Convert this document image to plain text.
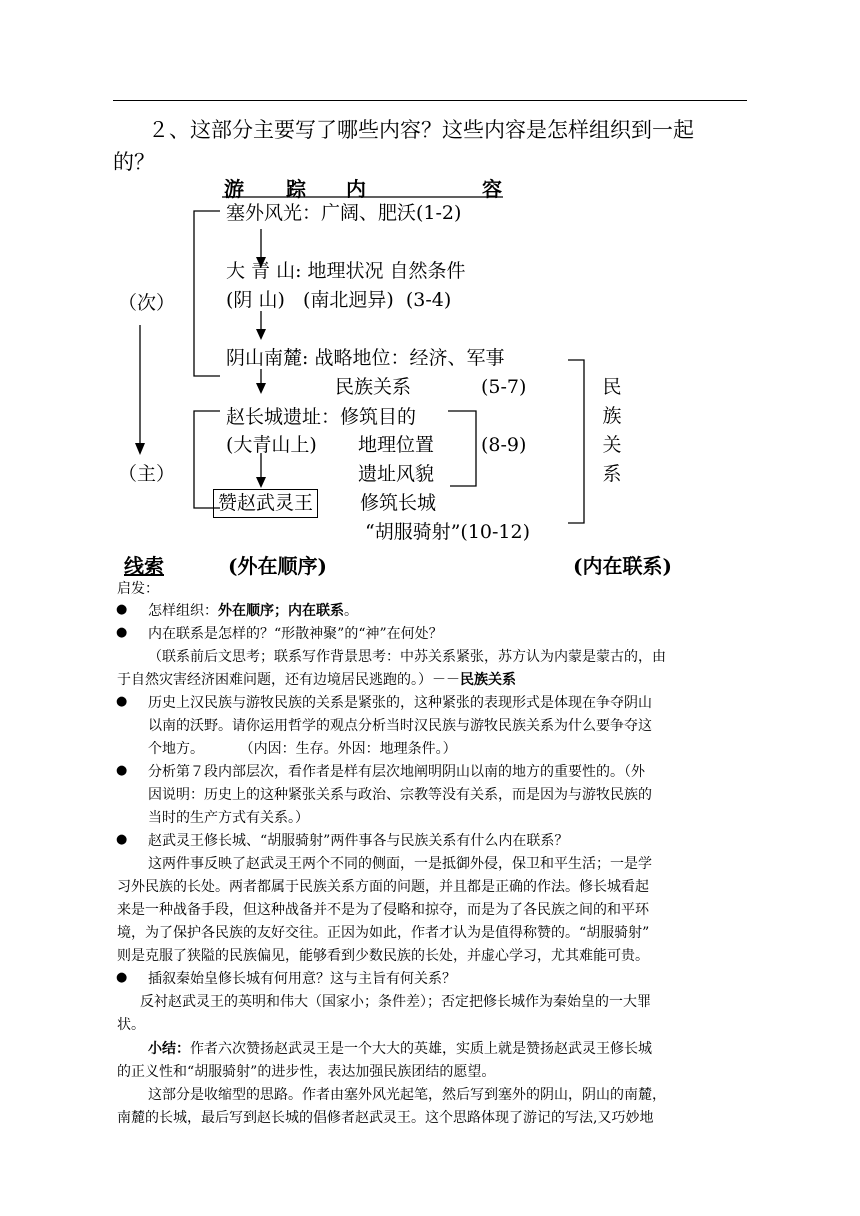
２、这部分主要写了哪些内容？这些内容是怎样组织到一起
的？
游 踪 内	容
（次）
（主）
塞外风光：广阔、肥沃(1-2)
大 青 山: 地理状况 自然条件
(阴 山)   (南北迥异)  (3-4)
阴山南麓: 战略地位：经济、军事
民族关系	(5-7)
赵长城遗址：修筑目的
(大青山上) 地理位置 (8-9)
遗址风貌
赞赵武灵王 修筑长城
“胡服骑射”(10-12)
民族关系
线索	(外在顺序)	(内在联系)
启发：
● 怎样组织：外在顺序；内在联系。
● 内在联系是怎样的？“形散神聚”的“神”在何处？
（联系前后文思考；联系写作背景思考：中苏关系紧张，苏方认为内蒙是蒙古的，由
于自然灾害经济困难问题，还有边境居民逃跑的。）－－民族关系
● 历史上汉民族与游牧民族的关系是紧张的，这种紧张的表现形式是体现在争夺阴山
以南的沃野。请你运用哲学的观点分析当时汉民族与游牧民族关系为什么要争夺这
个地方。        （内因：生存。外因：地理条件。）
● 分析第７段内部层次，看作者是样有层次地阐明阴山以南的地方的重要性的。（外
因说明：历史上的这种紧张关系与政治、宗教等没有关系，而是因为与游牧民族的
当时的生产方式有关系。）
● 赵武灵王修长城、“胡服骑射”两件事各与民族关系有什么内在联系？
这两件事反映了赵武灵王两个不同的侧面，一是抵御外侵，保卫和平生活；一是学
习外民族的长处。两者都属于民族关系方面的问题，并且都是正确的作法。修长城看起
来是一种战备手段，但这种战备并不是为了侵略和掠夺，而是为了各民族之间的和平环
境，为了保护各民族的友好交往。正因为如此，作者才认为是值得称赞的。“胡服骑射”
则是克服了狭隘的民族偏见，能够看到少数民族的长处，并虚心学习，尤其难能可贵。
● 插叙秦始皇修长城有何用意？这与主旨有何关系？
反衬赵武灵王的英明和伟大（国家小；条件差）；否定把修长城作为秦始皇的一大罪
状。
小结：作者六次赞扬赵武灵王是一个大大的英雄，实质上就是赞扬赵武灵王修长城
的正义性和“胡服骑射”的进步性，表达加强民族团结的愿望。
这部分是收缩型的思路。作者由塞外风光起笔，然后写到塞外的阴山，阴山的南麓，
南麓的长城，最后写到赵长城的倡修者赵武灵王。这个思路体现了游记的写法,又巧妙地
